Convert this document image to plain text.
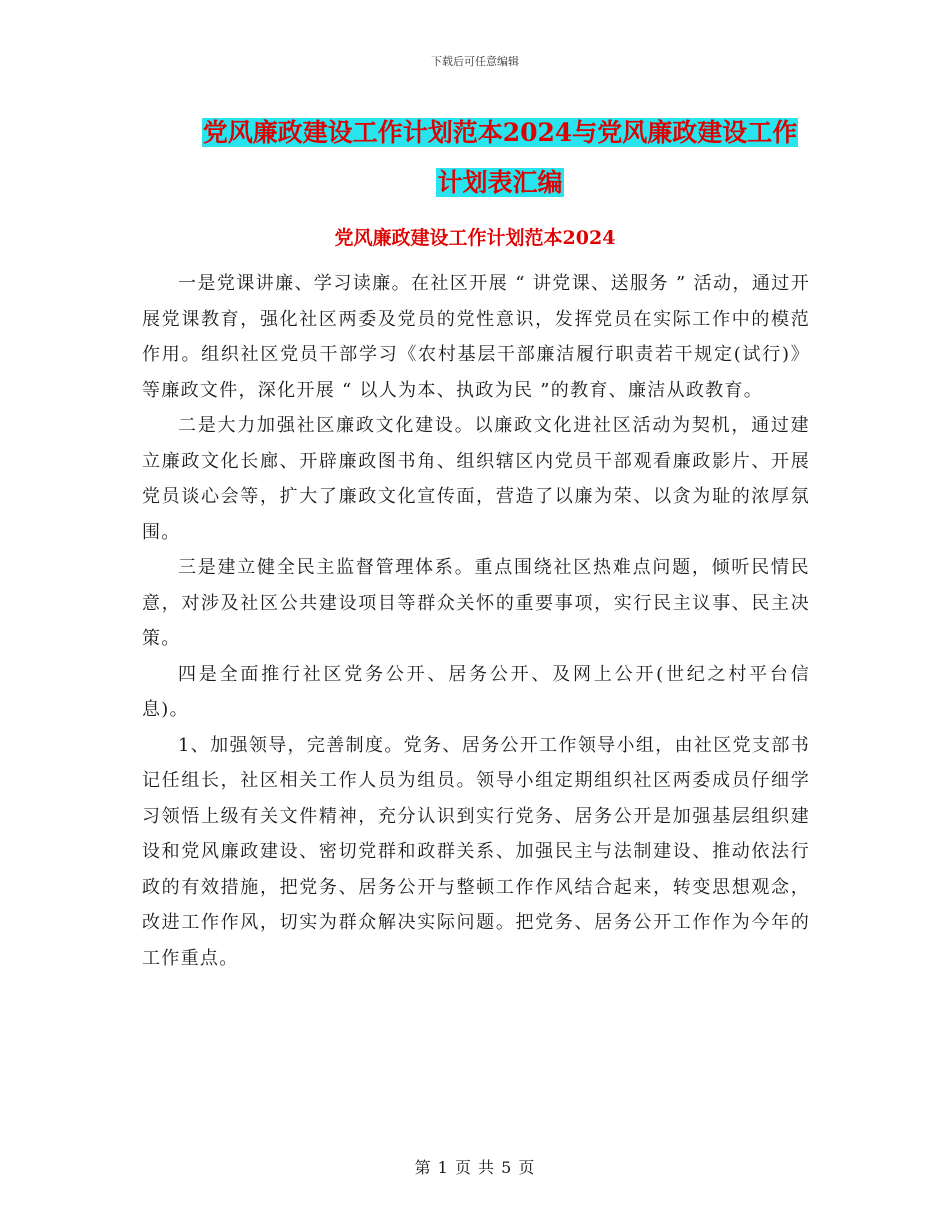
下载后可任意编辑
党风廉政建设工作计划范本2024与党风廉政建设工作
计划表汇编
党风廉政建设工作计划范本2024

一是党课讲廉、学习读廉。在社区开展 “ 讲党课、送服务 ” 活动，通过开展党课教育，强化社区两委及党员的党性意识，发挥党员在实际工作中的模范作用。组织社区党员干部学习《农村基层干部廉洁履行职责若干规定(试行)》等廉政文件，深化开展 “ 以人为本、执政为民 ”的教育、廉洁从政教育。

二是大力加强社区廉政文化建设。以廉政文化进社区活动为契机，通过建立廉政文化长廊、开辟廉政图书角、组织辖区内党员干部观看廉政影片、开展党员谈心会等，扩大了廉政文化宣传面，营造了以廉为荣、以贪为耻的浓厚氛围。

三是建立健全民主监督管理体系。重点围绕社区热难点问题，倾听民情民意，对涉及社区公共建设项目等群众关怀的重要事项，实行民主议事、民主决策。

四是全面推行社区党务公开、居务公开、及网上公开(世纪之村平台信息)。

1、加强领导，完善制度。党务、居务公开工作领导小组，由社区党支部书记任组长，社区相关工作人员为组员。领导小组定期组织社区两委成员仔细学习领悟上级有关文件精神，充分认识到实行党务、居务公开是加强基层组织建设和党风廉政建设、密切党群和政群关系、加强民主与法制建设、推动依法行政的有效措施，把党务、居务公开与整顿工作作风结合起来，转变思想观念，改进工作作风，切实为群众解决实际问题。把党务、居务公开工作作为今年的工作重点。

第 1 页 共 5 页
